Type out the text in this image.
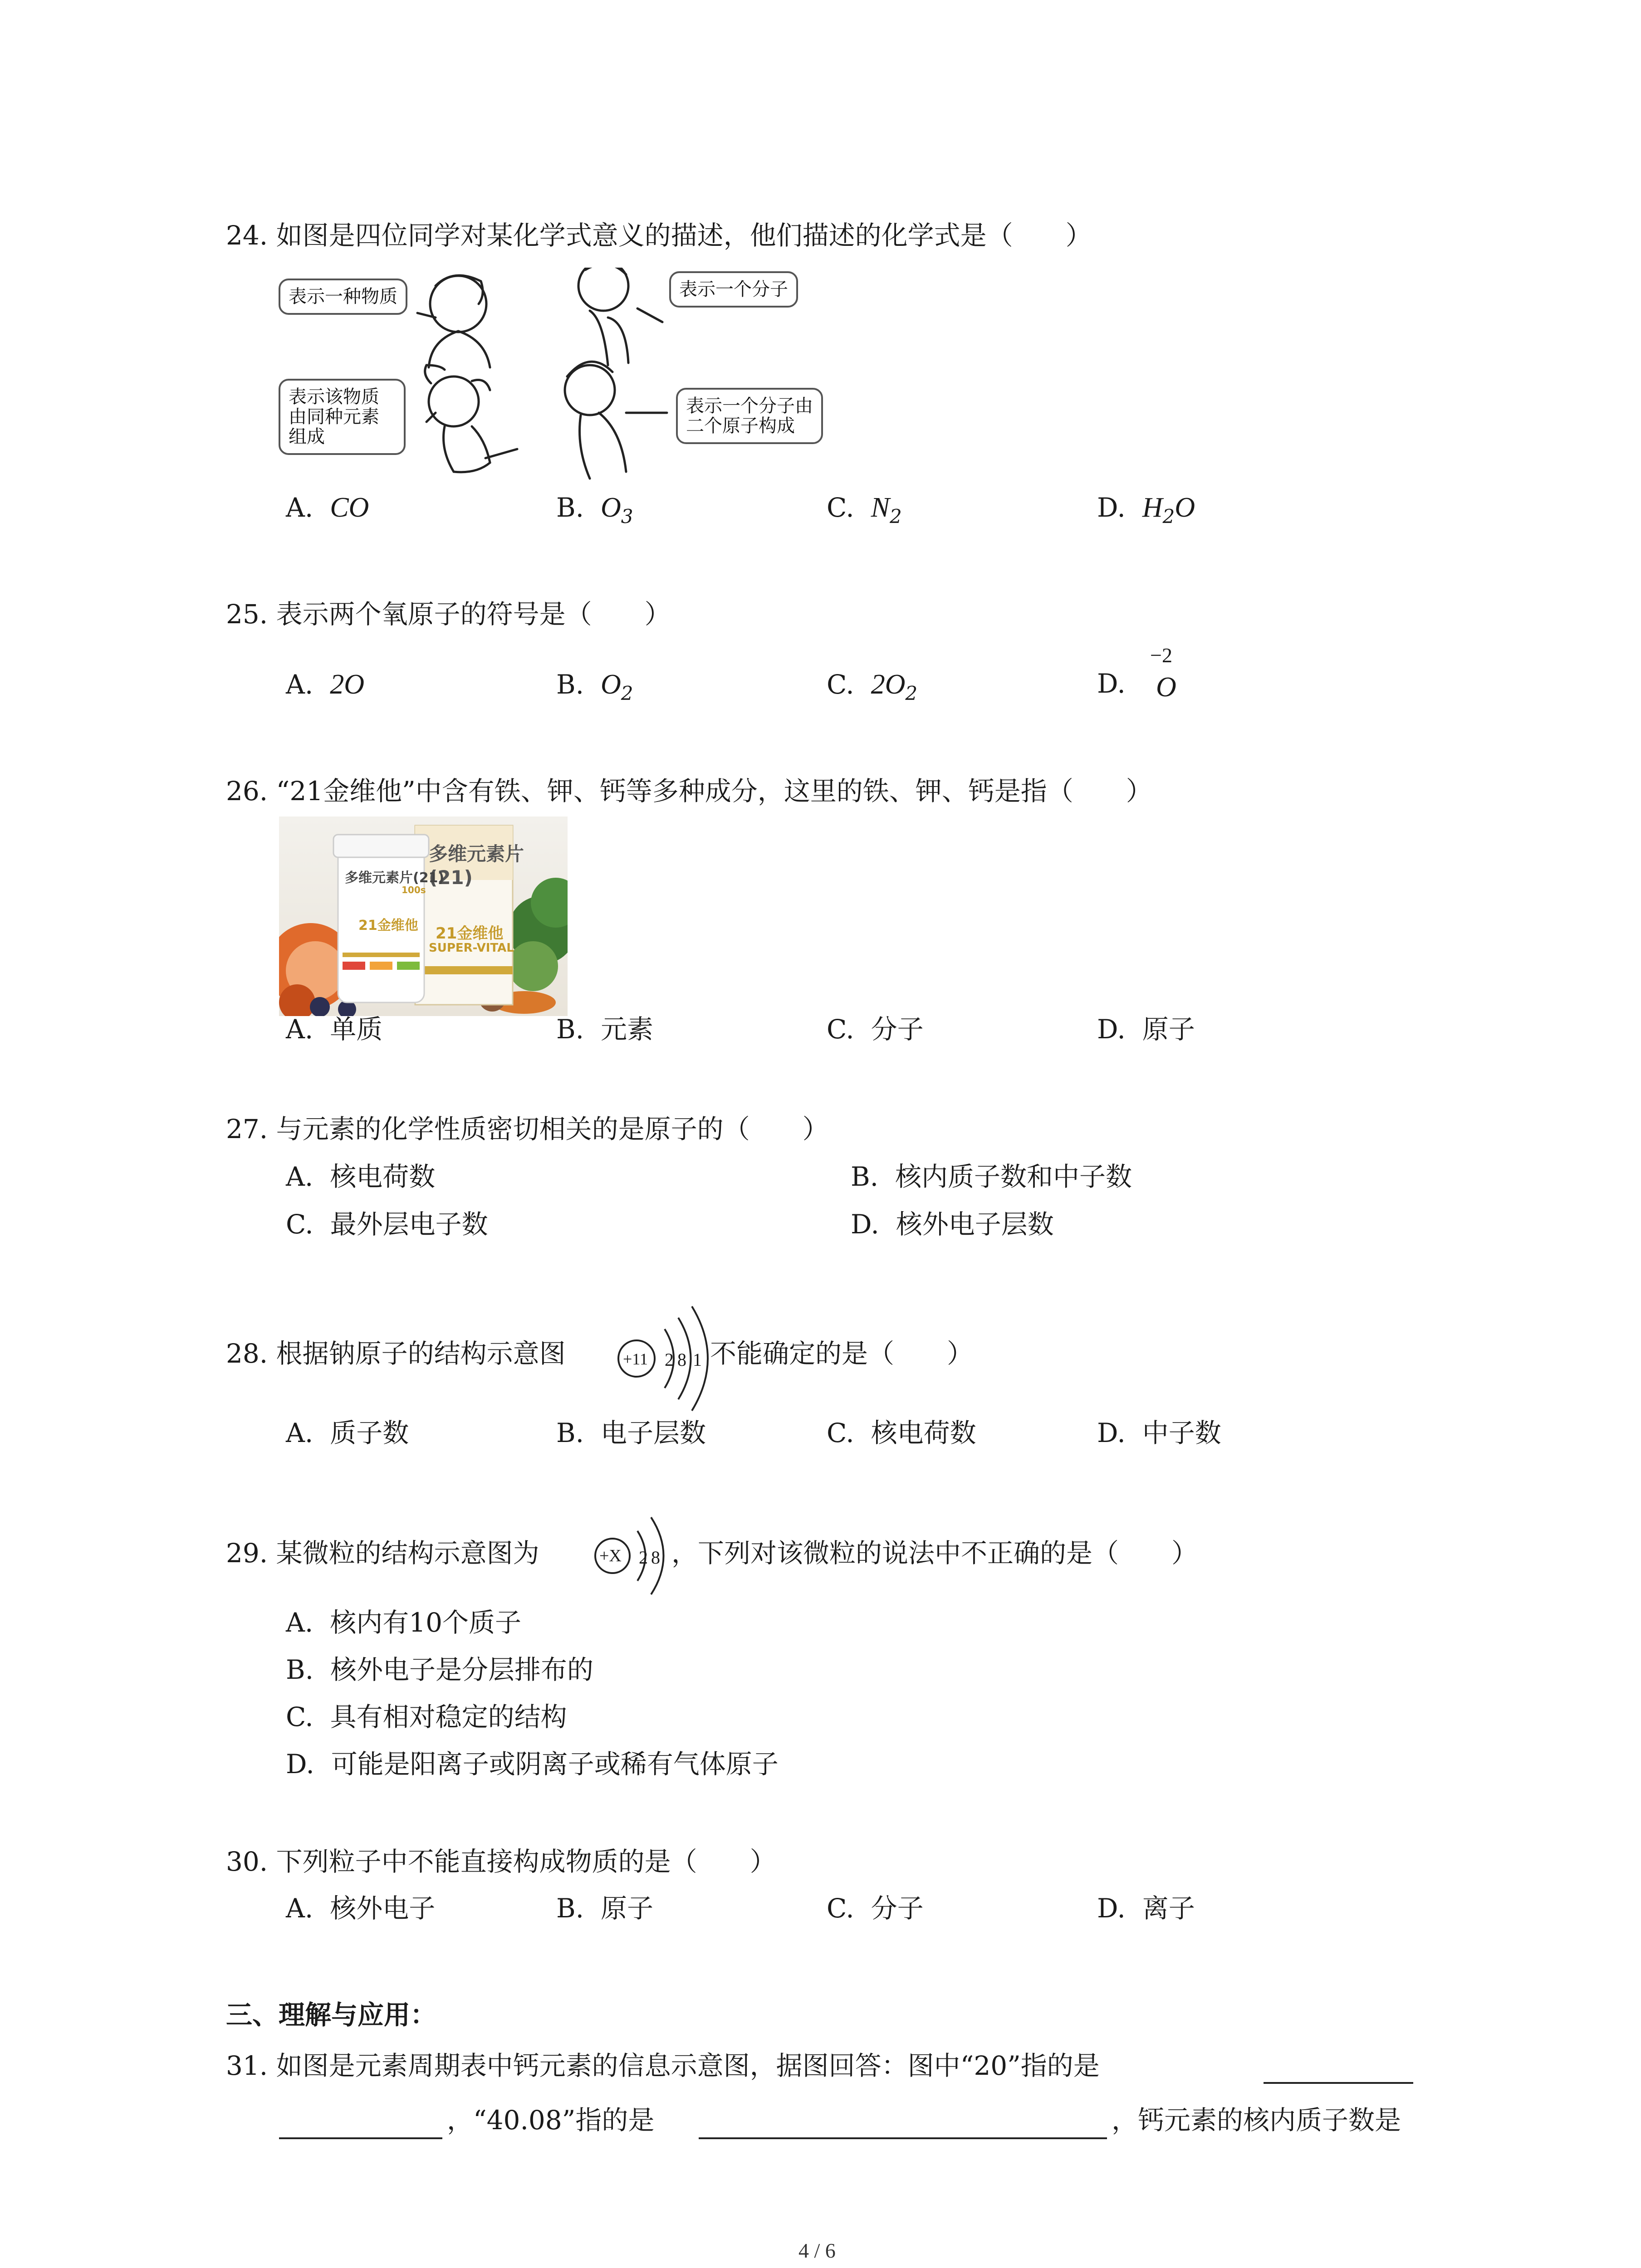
24. 如图是四位同学对某化学式意义的描述，他们描述的化学式是（　　）
表示一种物质	表示一个分子
表示该物质
由同种元素
组成
表示一个分子由
二个原子构成
A. CO	B. $O_3$	C. $N_2$	D. $H_2O$
25. 表示两个氧原子的符号是（　　）
A. 2O	B. $O_2$	C. $2O_2$	D.
−2
O
26. “21金维他”中含有铁、钾、钙等多种成分，这里的铁、钾、钙是指（　　）
多维元素片(21)
21金维他
SUPER-VITAL
多维元素片(21)
100s
21金维他
A. 单质	B. 元素	C. 分子	D. 原子
27. 与元素的化学性质密切相关的是原子的（　　）
A. 核电荷数	B. 核内质子数和中子数
C. 最外层电子数	D. 核外电子层数
28. 根据钠原子的结构示意图	+11 2 8 1 不能确定的是（　　）
A. 质子数	B. 电子层数	C. 核电荷数	D. 中子数
29. 某微粒的结构示意图为	+X 2 8 ，下列对该微粒的说法中不正确的是（　　）
A. 核内有10个质子
B. 核外电子是分层排布的
C. 具有相对稳定的结构
D. 可能是阳离子或阴离子或稀有气体原子
30. 下列粒子中不能直接构成物质的是（　　）
A. 核外电子	B. 原子	C. 分子	D. 离子
三、理解与应用：
31. 如图是元素周期表中钙元素的信息示意图，据图回答：图中“20”指的是
，“40.08”指的是	，钙元素的核内质子数是
4 / 6
